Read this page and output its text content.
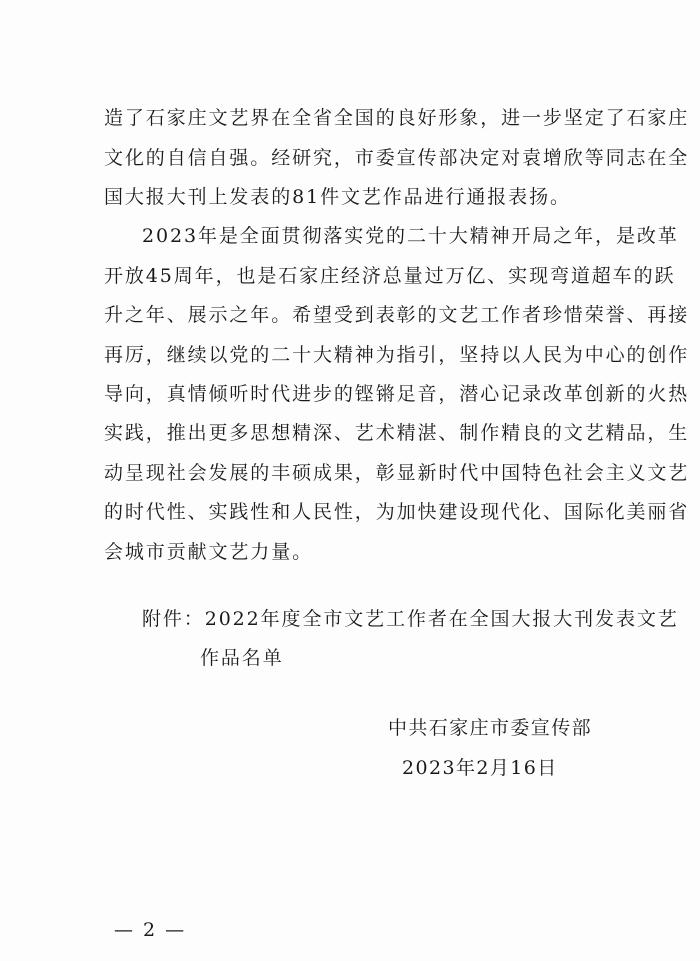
造了石家庄文艺界在全省全国的良好形象，进一步坚定了石家庄
文化的自信自强。经研究，市委宣传部决定对袁增欣等同志在全
国大报大刊上发表的81件文艺作品进行通报表扬。
2023年是全面贯彻落实党的二十大精神开局之年，是改革
开放45周年，也是石家庄经济总量过万亿、实现弯道超车的跃
升之年、展示之年。希望受到表彰的文艺工作者珍惜荣誉、再接
再厉，继续以党的二十大精神为指引，坚持以人民为中心的创作
导向，真情倾听时代进步的铿锵足音，潜心记录改革创新的火热
实践，推出更多思想精深、艺术精湛、制作精良的文艺精品，生
动呈现社会发展的丰硕成果，彰显新时代中国特色社会主义文艺
的时代性、实践性和人民性，为加快建设现代化、国际化美丽省
会城市贡献文艺力量。
附件：2022年度全市文艺工作者在全国大报大刊发表文艺
作品名单
中共石家庄市委宣传部
2023年2月16日
— 2 —
